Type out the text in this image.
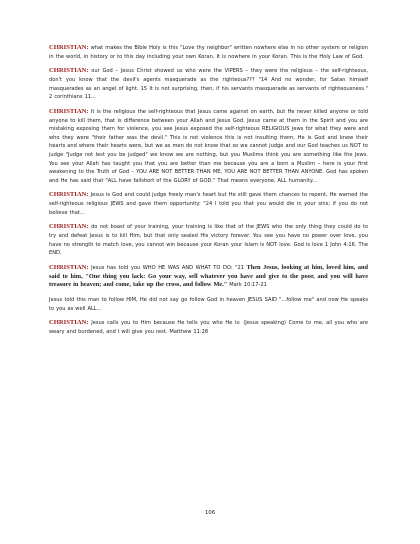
CHRISTIAN: what makes the Bible Holy is this "Love thy neighbor" written nowhere else in no other system or religion in the world, in history or to this day including your own Koran. It is nowhere in your Koran. This is the Holy Law of God.

CHRISTIAN: our God – Jesus Christ showed us who were the VIPERS – they were the religious – the self-righteous, don't you know that the devil's agents masquerade as the righteous??? "14 And no wonder, for Satan himself masquerades as an angel of light. 15 It is not surprising, then, if his servants masquerade as servants of righteousness." 2 corinthians 11...

CHRISTIAN: It is the religious the self-righteous that Jesus came against on earth, but He never killed anyone or told anyone to kill them, that is difference between your Allah and Jesus God. Jesus came at them in the Spirit and you are mistaking exposing them for violence, you see Jesus exposed the self-righteous RELIGIOUS Jews for what they were and who they were "their father was the devil." This is not violence this is not insulting them, He is God and knew their hearts and where their hearts were, but we as men do not know that so we cannot judge and our God teaches us NOT to judge "Judge not lest you be judged" we know we are nothing, but you Muslims think you are something like the Jews. You see your Allah has taught you that you are better than me because you are a born a Muslim – here is your first awakening to the Truth of God – YOU ARE NOT BETTER THAN ME, YOU ARE NOT BETTER THAN ANYONE. God has spoken and He has said that "ALL have fallshort of the GLORY of GOD." That means everyone, ALL humanity...

CHRISTIAN: Jesus is God and could judge freely man's heart but He still gave them chances to repent, He warned the self-righteous religious JEWS and gave them opportunity: "24 I told you that you would die in your sins; if you do not believe that...

CHRISTIAN: do not boast of your training, your training is like that of the JEWS who the only thing they could do to try and defeat Jesus is to kill Him, but that only sealed His victory forever. You see you have no power over love, you have no strength to match love, you cannot win because your Koran your Islam is NOT love. God is love 1 John 4:16. The END.

CHRISTIAN: Jesus has told you WHO HE WAS AND WHAT TO DO: "21 Then Jesus, looking at him, loved him, and said to him, "One thing you lack: Go your way, sell whatever you have and give to the poor, and you will have treasure in heaven; and come, take up the cross, and follow Me." Mark 10:17-21

Jesus told this man to follow HIM, He did not say go follow God in heaven JESUS SAID "...follow me" and now He speaks to you as well ALL...

CHRISTIAN: Jesus calls you to Him because He tells you who He is: (Jesus speaking) Come to me, all you who are weary and burdened, and I will give you rest. Matthew 11:28

106
